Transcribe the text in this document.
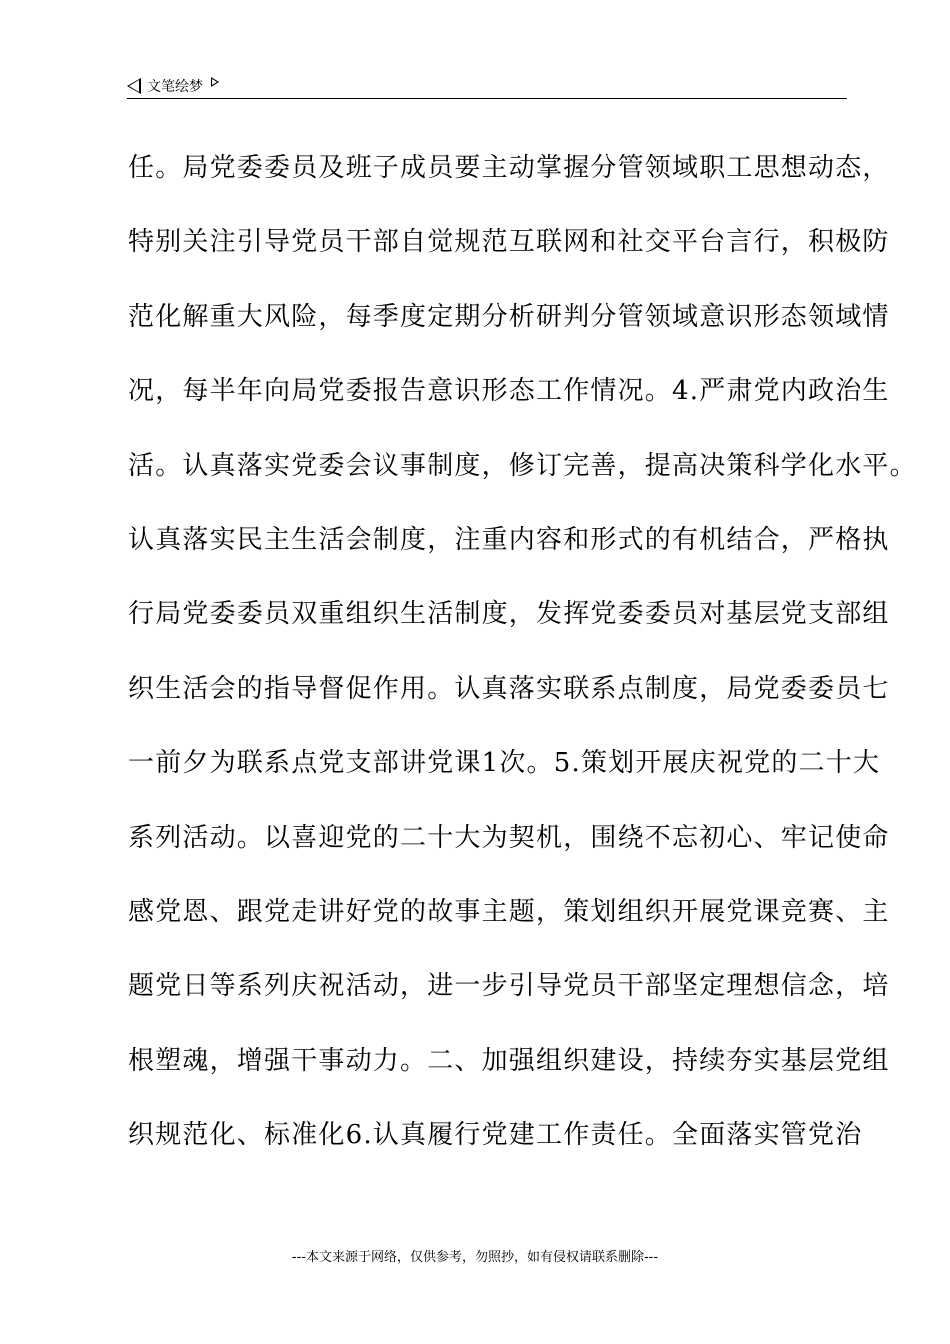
文笔绘梦
任。局党委委员及班子成员要主动掌握分管领域职工思想动态，
特别关注引导党员干部自觉规范互联网和社交平台言行，积极防
范化解重大风险，每季度定期分析研判分管领域意识形态领域情
况，每半年向局党委报告意识形态工作情况。4.严肃党内政治生
活。认真落实党委会议事制度，修订完善，提高决策科学化水平。
认真落实民主生活会制度，注重内容和形式的有机结合，严格执
行局党委委员双重组织生活制度，发挥党委委员对基层党支部组
织生活会的指导督促作用。认真落实联系点制度，局党委委员七
一前夕为联系点党支部讲党课1次。5.策划开展庆祝党的二十大
系列活动。以喜迎党的二十大为契机，围绕不忘初心、牢记使命
感党恩、跟党走讲好党的故事主题，策划组织开展党课竞赛、主
题党日等系列庆祝活动，进一步引导党员干部坚定理想信念，培
根塑魂，增强干事动力。二、加强组织建设，持续夯实基层党组
织规范化、标准化6.认真履行党建工作责任。全面落实管党治
---本文来源于网络，仅供参考，勿照抄，如有侵权请联系删除---
